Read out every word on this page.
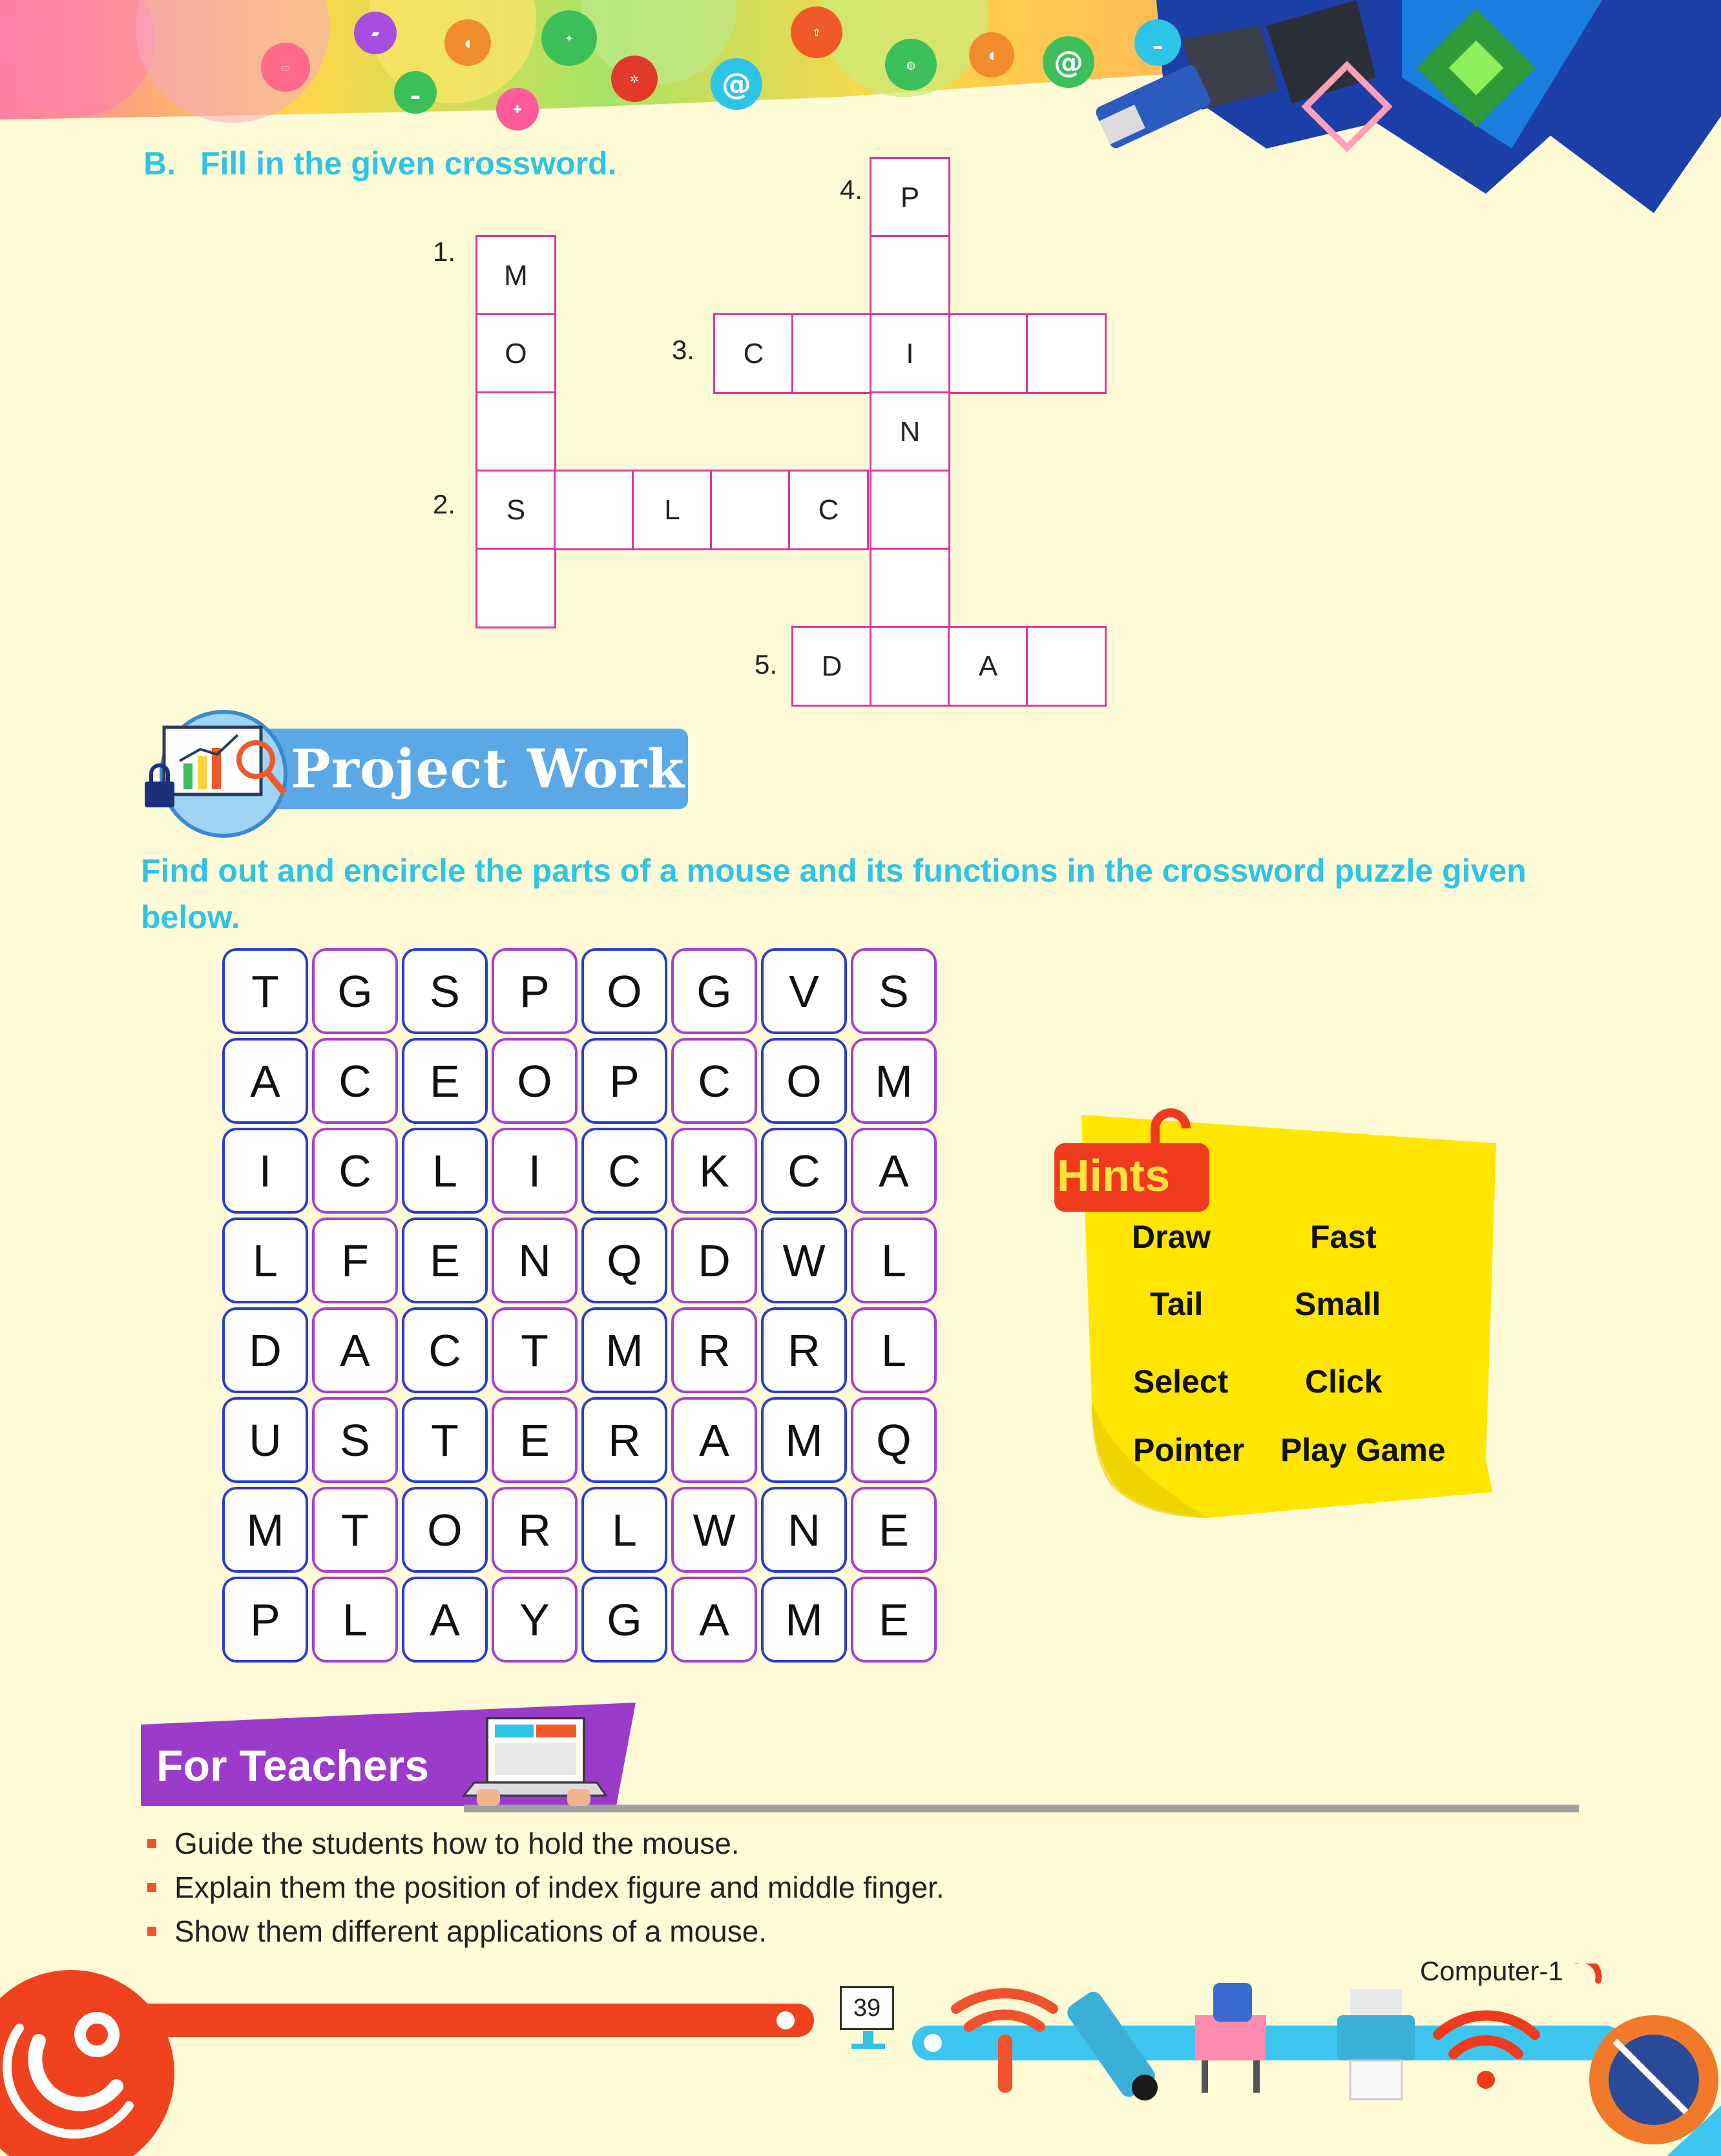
▭
▰
▂
◖
✚
✦
✲	@
⇧
◍
◖	@
▂
B. Fill in the given crossword.
1.
2.
3.
4.
5.
M
O
S	L	C
C
P
I
N
D	A
Project Work
Find out and encircle the parts of a mouse and its functions in the crossword puzzle given below.
T	G	S	P	O	G	V	S
A	C	E	O	P	C	O	M
I	C	L	I	C	K	C	A
L	F	E	N	Q	D	W	L
D	A	C	T	M	R	R	L
U	S	T	E	R	A	M	Q
M	T	O	R	L	W	N	E
P	L	A	Y	G	A	M	E
Hints
Draw	Fast
Tail	Small
Select Click
Pointer Play Game
For Teachers
Guide the students how to hold the mouse.
Explain them the position of index figure and middle finger.
Show them different applications of a mouse.
Computer-1
39
